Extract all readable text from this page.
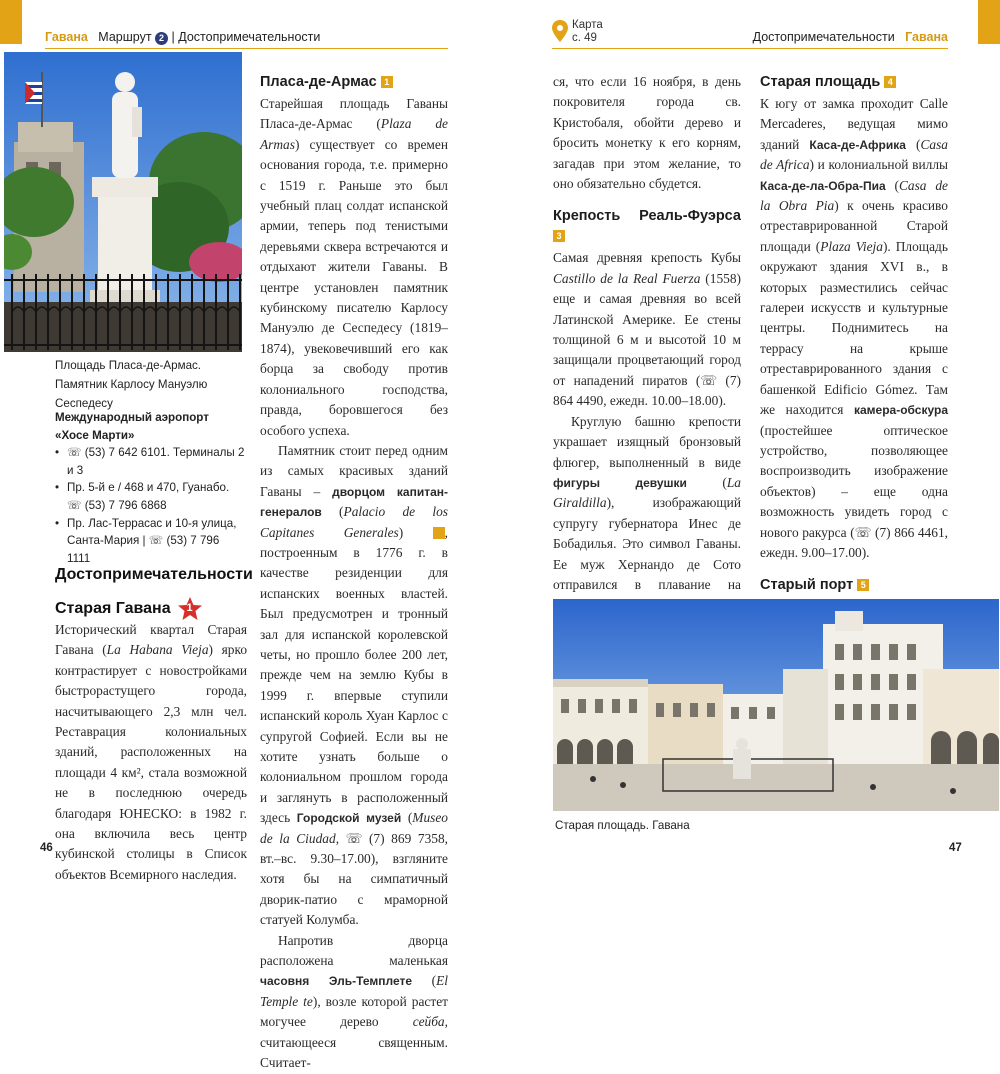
Гавана Маршрут 2 | Достопримечательности
Площадь Пласа-де-Армас. Памятник Карлосу Мануэлю Сеспедесу
Международный аэропорт
«Хосе Марти»
• ☏ (53) 7 642 6101. Терминалы 2 и 3
• Пр. 5-й е / 468 и 470, Гуанабо. ☏ (53) 7 796 6868
• Пр. Лас-Террасас и 10-я улица, Санта-Мария | ☏ (53) 7 796 1111
Достопримечательности
Старая Гавана	1

Исторический квартал Старая Гавана (La Habana Vieja) ярко контрастирует с новостройками быстрорастущего города, насчитывающего 2,3 млн чел. Реставрация колониальных зданий, расположенных на площади 4 км², стала возможной не в последнюю очередь благодаря ЮНЕСКО: в 1982 г. она включила весь центр кубинской столицы в Список объектов Всемирного наследия.

Пласа-де-Армас 1

Старейшая площадь Гаваны Пласа-де-Армас (Plaza de Armas) существует со времен основания города, т.е. примерно с 1519 г. Раньше это был учебный плац солдат испанской армии, теперь под тенистыми деревьями сквера встречаются и отдыхают жители Гаваны. В центре установлен памятник кубинскому писателю Карлосу Мануэлю де Сеспедесу (1819–1874), увековечивший его как борца за свободу против колониального господства, правда, боровшегося без особого успеха.

Памятник стоит перед одним из самых красивых зданий Гаваны – дворцом капитан-генералов (Palacio de los Capitanes Generales) 2, построенным в 1776 г. в качестве резиденции для испанских военных властей. Был предусмотрен и тронный зал для испанской королевской четы, но прошло более 200 лет, прежде чем на землю Кубы в 1999 г. впервые ступили испанский король Хуан Карлос с супругой Софией. Если вы не хотите узнать больше о колониальном прошлом города и заглянуть в расположенный здесь Городской музей (Museo de la Ciudad, ☏ (7) 869 7358, вт.–вс. 9.30–17.00), взгляните хотя бы на симпатичный дворик-патио с мраморной статуей Колумба.

Напротив дворца расположена маленькая часовня Эль-Темплете (El Temple te), возле которой растет могучее дерево сейба, считающееся священным. Считает-

46
Карта
с. 49	Достопримечательности Гавана

ся, что если 16 ноября, в день покровителя города св. Кристобаля, обойти дерево и бросить монетку к его корням, загадав при этом желание, то оно обязательно сбудется.

Крепость Реаль-Фуэрса 3

Самая древняя крепость Кубы Castillo de la Real Fuerza (1558) еще и самая древняя во всей Латинской Америке. Ее стены толщиной 6 м и высотой 10 м защищали процветающий город от нападений пиратов (☏ (7) 864 4490, ежедн. 10.00–18.00).

Круглую башню крепости украшает изящный бронзовый флюгер, выполненный в виде фигуры девушки (La Giraldilla), изображающий супругу губернатора Инес де Бобадилья. Это символ Гаваны. Ее муж Хернандо де Сото отправился в плавание на

Старая площадь 4

К югу от замка проходит Calle Mercaderes, ведущая мимо зданий Каса-де-Африка (Casa de Africa) и колониальной виллы Каса-де-ла-Обра-Пиа (Casa de la Obra Pia) к очень красиво отреставрированной Старой площади (Plaza Vieja). Площадь окружают здания XVI в., в которых разместились сейчас галереи искусств и культурные центры. Поднимитесь на террасу на крыше отреставрированного здания с башенкой Edificio Gómez. Там же находится камера-обскура (простейшее оптическое устройство, позволяющее воспроизводить изображение объектов) – еще одна возможность увидеть город с нового ракурса (☏ (7) 866 4461, ежедн. 9.00–17.00).

Старый порт 5

Старая площадь. Гавана
47
